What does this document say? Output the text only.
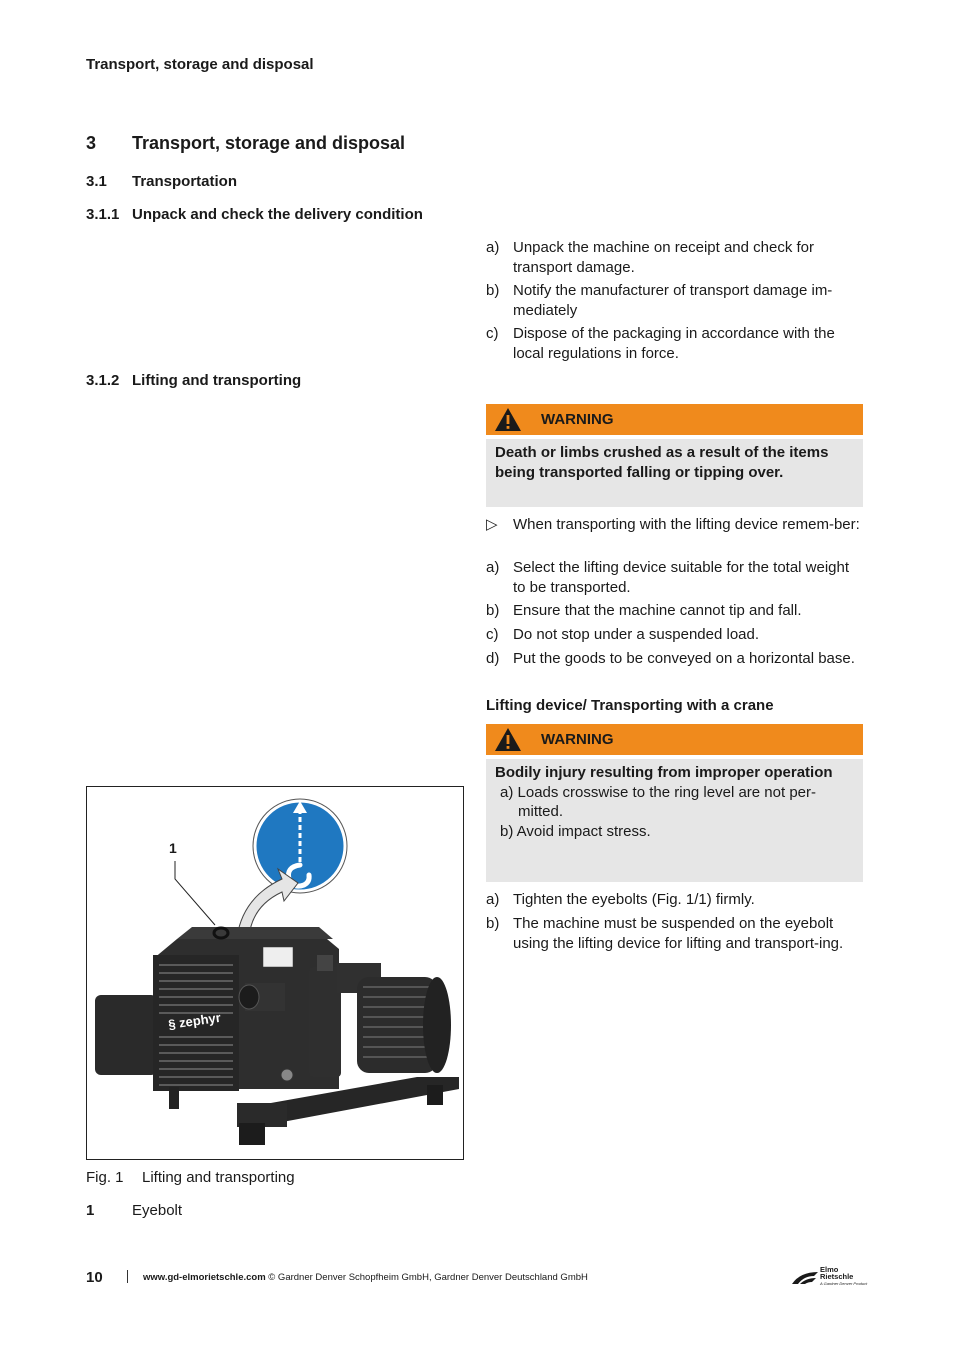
Transport, storage and disposal
3 Transport, storage and disposal
3.1 Transportation
3.1.1 Unpack and check the delivery condition
a) Unpack the machine on receipt and check for transport damage.
b) Notify the manufacturer of transport damage im-mediately
c) Dispose of the packaging in accordance with the local regulations in force.
3.1.2 Lifting and transporting
WARNING
Death or limbs crushed as a result of the items being transported falling or tipping over.
▷ When transporting with the lifting device remem-ber:
a) Select the lifting device suitable for the total weight to be transported.
b) Ensure that the machine cannot tip and fall.
c) Do not stop under a suspended load.
d) Put the goods to be conveyed on a horizontal base.
Lifting device/ Transporting with a crane
WARNING
Bodily injury resulting from improper operation
a) Loads crosswise to the ring level are not per-
mitted.
b) Avoid impact stress.
a) Tighten the eyebolts (Fig. 1/1) firmly.
b) The machine must be suspended on the eyebolt using the lifting device for lifting and transport-ing.
1
§ zephyr
Fig. 1 Lifting and transporting
1	Eyebolt
10	www.gd-elmorietschle.com © Gardner Denver Schopfheim GmbH, Gardner Denver Deutschland GmbH
Elmo
Rietschle
A Gardner Denver Product
